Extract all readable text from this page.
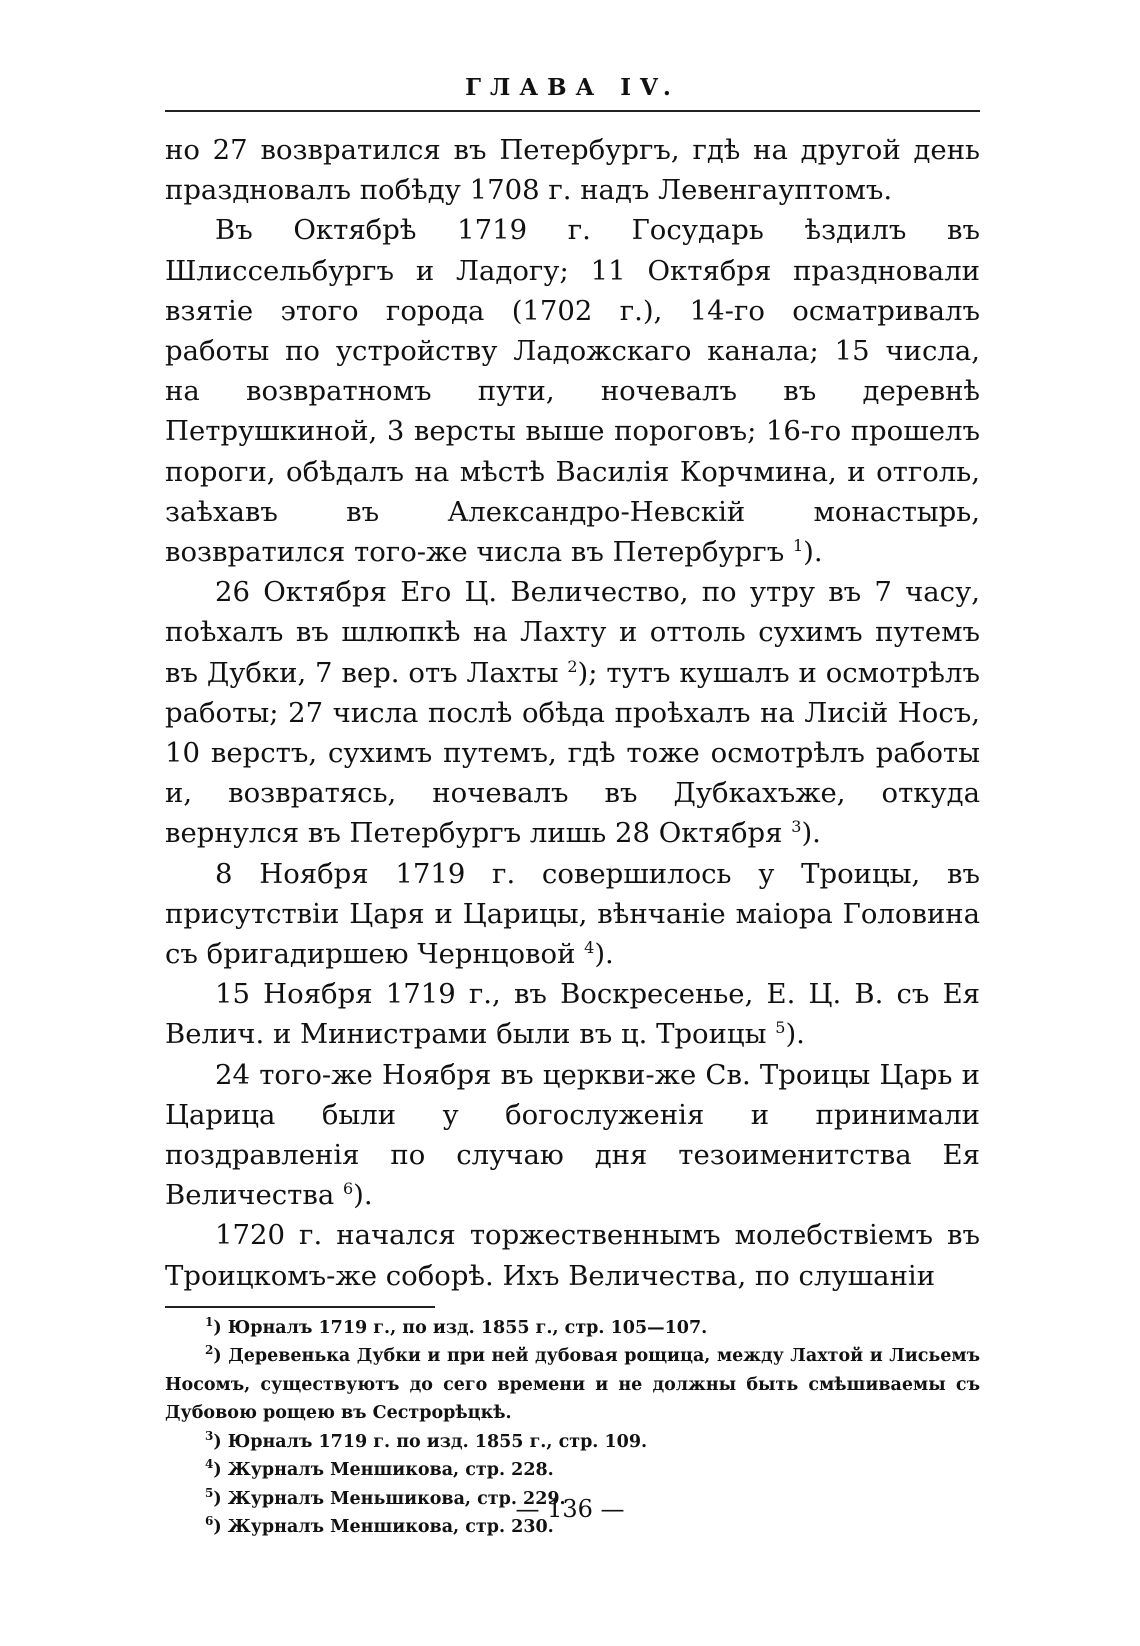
ГЛАВА IV.

но 27 возвратился въ Петербургъ, гдѣ на другой день праздновалъ побѣду 1708 г. надъ Левенгауптомъ.

Въ Октябрѣ 1719 г. Государь ѣздилъ въ Шлиссельбургъ и Ладогу; 11 Октября праздновали взятіе этого города (1702 г.), 14-го осматривалъ работы по устройству Ладожскаго канала; 15 числа, на возвратномъ пути, ночевалъ въ деревнѣ Петрушкиной, 3 версты выше пороговъ; 16-го прошелъ пороги, обѣдалъ на мѣстѣ Василія Корчмина, и отголь, заѣхавъ въ Александро-Невскій монастырь, возвратился того-же числа въ Петербургъ $^1$).

26 Октября Его Ц. Величество, по утру въ 7 часу, поѣхалъ въ шлюпкѣ на Лахту и оттоль сухимъ путемъ въ Дубки, 7 вер. отъ Лахты $^2$); тутъ кушалъ и осмотрѣлъ работы; 27 числа послѣ обѣда проѣхалъ на Лисій Носъ, 10 верстъ, сухимъ путемъ, гдѣ тоже осмотрѣлъ работы и, возвратясь, ночевалъ въ Дубкахъже, откуда вернулся въ Петербургъ лишь 28 Октября $^3$).

8 Ноября 1719 г. совершилось у Троицы, въ присутствіи Царя и Царицы, вѣнчаніе маіора Головина съ бригадиршею Чернцовой $^4$).

15 Ноября 1719 г., въ Воскресенье, Е. Ц. В. съ Ея Велич. и Министрами были въ ц. Троицы $^5$).

24 того-же Ноября въ церкви-же Св. Троицы Царь и Царица были у богослуженія и принимали поздравленія по случаю дня тезоименитства Ея Величества $^6$).

1720 г. начался торжественнымъ молебствіемъ въ Троицкомъ-же соборѣ. Ихъ Величества, по слушаніи

$^1$) Юрналъ 1719 г., по изд. 1855 г., стр. 105—107.

$^2$) Деревенька Дубки и при ней дубовая рощица, между Лахтой и Лисьемъ Носомъ, существуютъ до сего времени и не должны быть смѣшиваемы съ Дубовою рощею въ Сестрорѣцкѣ.

$^3$) Юрналъ 1719 г. по изд. 1855 г., стр. 109.

$^4$) Журналъ Меншикова, стр. 228.

$^5$) Журналъ Меньшикова, стр. 229.

$^6$) Журналъ Меншикова, стр. 230.

— 136 —
